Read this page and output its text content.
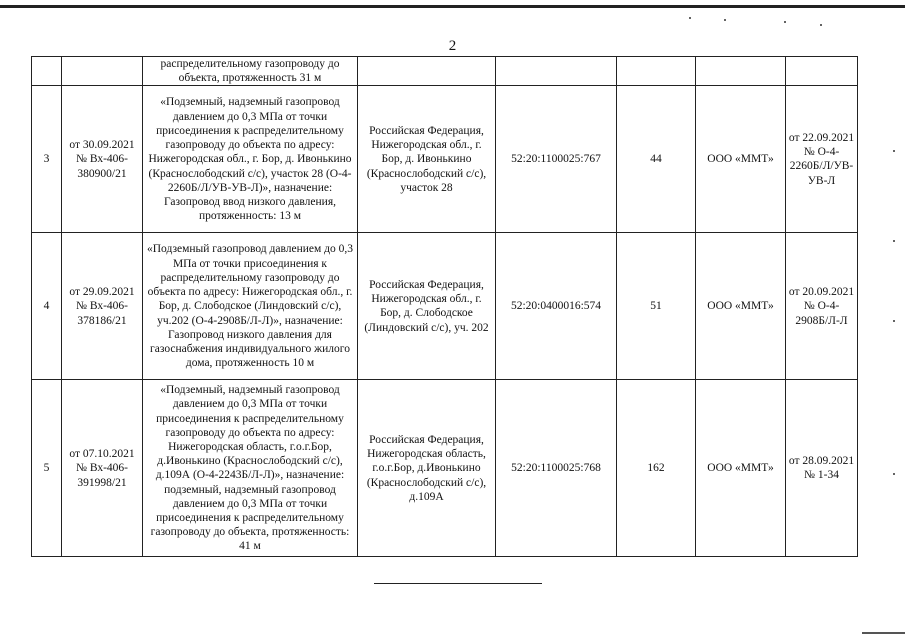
2
		распределительному газопроводу до объекта, протяженность 31 м					
3	от 30.09.2021 № Вх-406-380900/21	«Подземный, надземный газопровод давлением до 0,3 МПа от точки присоединения к распределительному газопроводу до объекта по адресу: Нижегородская обл., г. Бор, д. Ивонькино (Краснослободский с/с), участок 28 (О-4-2260Б/Л/УВ-УВ-Л)», назначение: Газопровод ввод низкого давления, протяженность: 13 м	Российская Федерация, Нижегородская обл., г. Бор, д. Ивонькино (Краснослободский с/с), участок 28	52:20:1100025:767	44	ООО «ММТ»	от 22.09.2021 № О-4-2260Б/Л/УВ-УВ-Л
4	от 29.09.2021 № Вх-406-378186/21	«Подземный газопровод давлением до 0,3 МПа от точки присоединения к распределительному газопроводу до объекта по адресу: Нижегородская обл., г. Бор, д. Слободское (Линдовский с/с), уч.202 (О-4-2908Б/Л-Л)», назначение: Газопровод низкого давления для газоснабжения индивидуального жилого дома, протяженность 10 м	Российская Федерация, Нижегородская обл., г. Бор, д. Слободское (Линдовский с/с), уч. 202	52:20:0400016:574	51	ООО «ММТ»	от 20.09.2021 № О-4-2908Б/Л-Л
5	от 07.10.2021 № Вх-406-391998/21	«Подземный, надземный газопровод давлением до 0,3 МПа от точки присоединения к распределительному газопроводу до объекта по адресу: Нижегородская область, г.о.г.Бор, д.Ивонькино (Краснослободский с/с), д.109А (О-4-2243Б/Л-Л)», назначение: подземный, надземный газопровод давлением до 0,3 МПа от точки присоединения к распределительному газопроводу до объекта, протяженность: 41 м	Российская Федерация, Нижегородская область, г.о.г.Бор, д.Ивонькино (Краснослободский с/с), д.109А	52:20:1100025:768	162	ООО «ММТ»	от 28.09.2021 № 1-34
